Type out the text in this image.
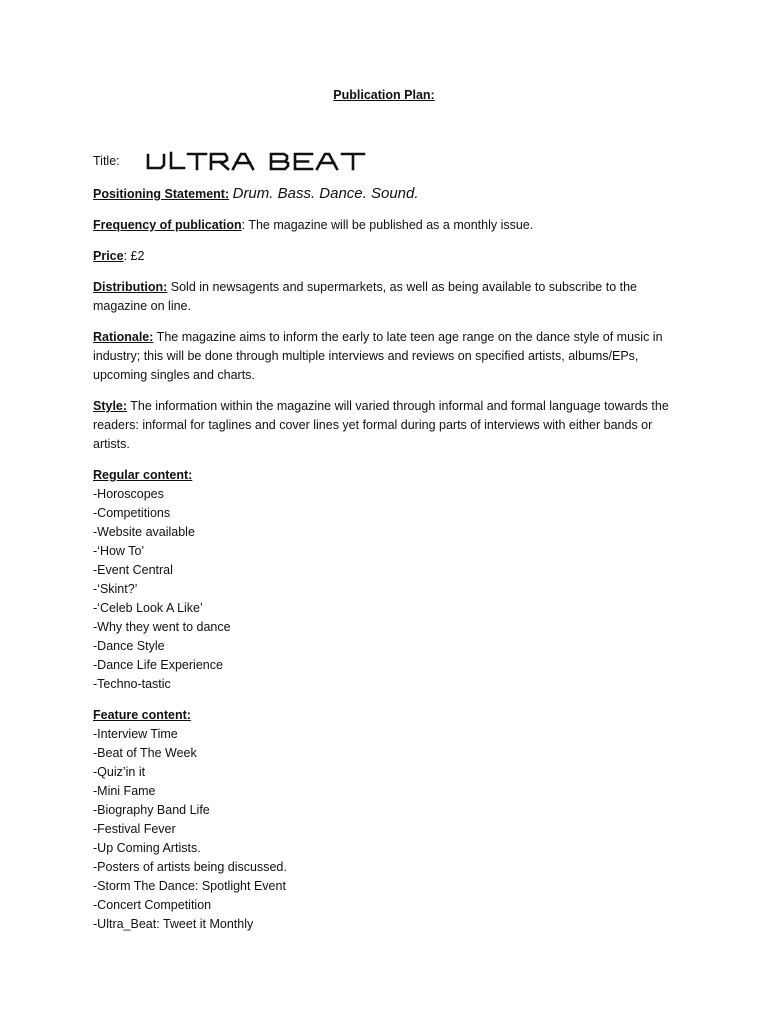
Publication Plan:
Title:

Positioning Statement: Drum. Bass. Dance. Sound.

Frequency of publication: The magazine will be published as a monthly issue.

Price: £2

Distribution: Sold in newsagents and supermarkets, as well as being available to subscribe to the magazine on line.

Rationale: The magazine aims to inform the early to late teen age range on the dance style of music in industry; this will be done through multiple interviews and reviews on specified artists, albums/EPs, upcoming singles and charts.

Style: The information within the magazine will varied through informal and formal language towards the readers: informal for taglines and cover lines yet formal during parts of interviews with either bands or artists.

Regular content:

-Horoscopes
-Competitions
-Website available
-‘How To’
-Event Central
-‘Skint?’
-‘Celeb Look A Like’
-Why they went to dance
-Dance Style
-Dance Life Experience
-Techno-tastic

Feature content:

-Interview Time
-Beat of The Week
-Quiz’in it
-Mini Fame
-Biography Band Life
-Festival Fever
-Up Coming Artists.
-Posters of artists being discussed.
-Storm The Dance: Spotlight Event
-Concert Competition
-Ultra_Beat: Tweet it Monthly
